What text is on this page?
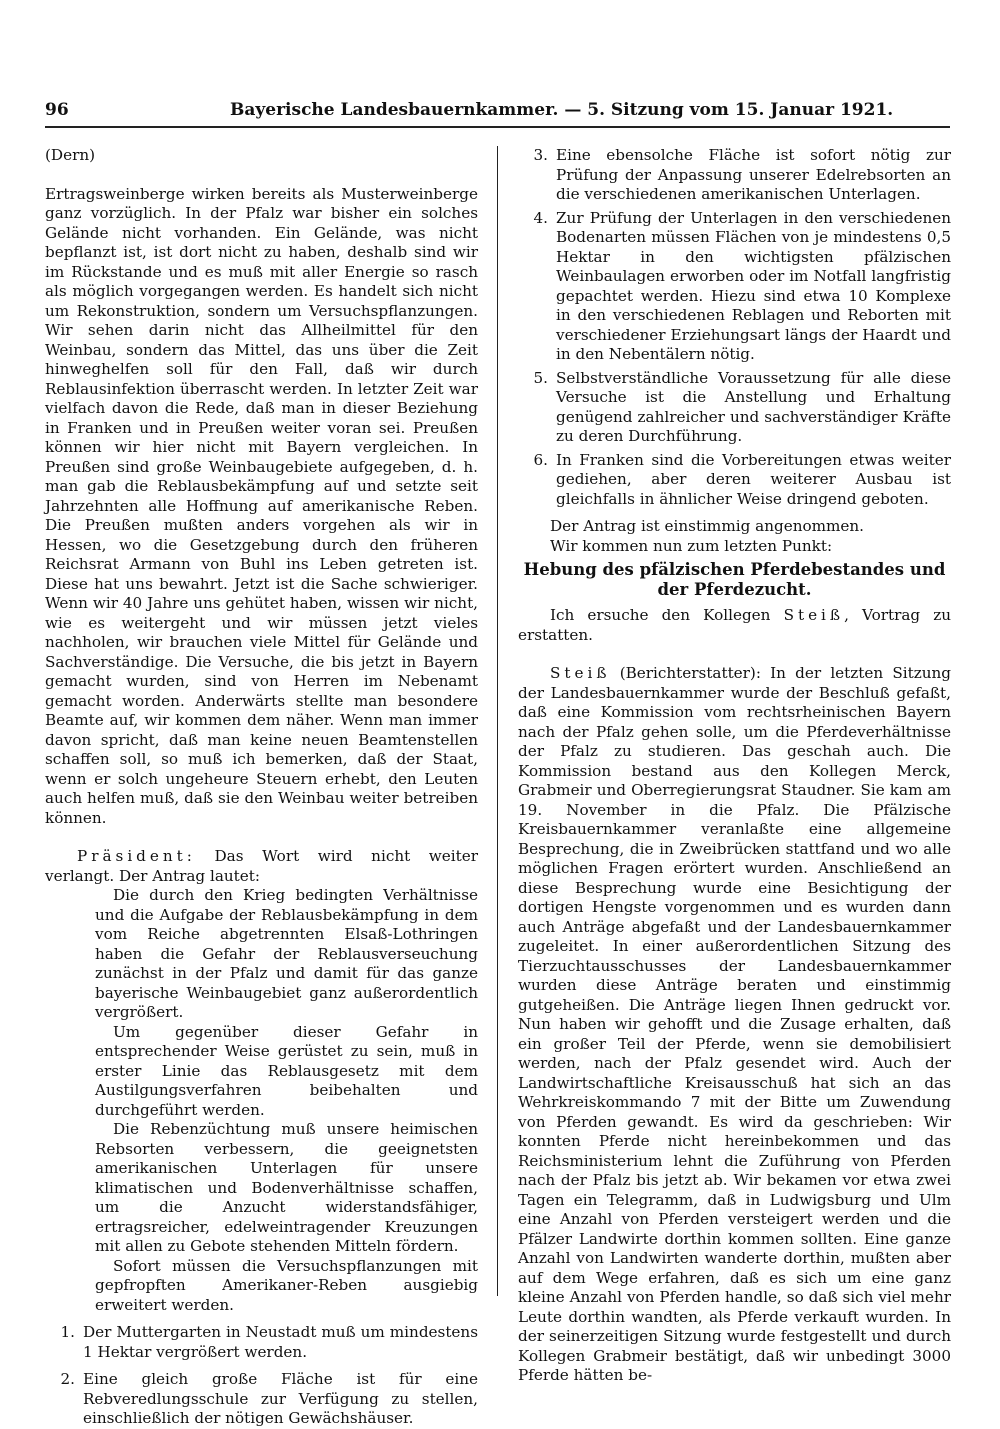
96	Bayerische Landesbauernkammer. — 5. Sitzung vom 15. Januar 1921.

(Dern)

Ertragsweinberge wirken bereits als Musterweinberge ganz vorzüglich. In der Pfalz war bisher ein solches Gelände nicht vorhanden. Ein Gelände, was nicht bepflanzt ist, ist dort nicht zu haben, deshalb sind wir im Rückstande und es muß mit aller Energie so rasch als möglich vorgegangen werden. Es handelt sich nicht um Rekonstruktion, sondern um Versuchspflanzungen. Wir sehen darin nicht das Allheilmittel für den Weinbau, sondern das Mittel, das uns über die Zeit hinweghelfen soll für den Fall, daß wir durch Reblausinfektion überrascht werden. In letzter Zeit war vielfach davon die Rede, daß man in dieser Beziehung in Franken und in Preußen weiter voran sei. Preußen können wir hier nicht mit Bayern vergleichen. In Preußen sind große Weinbaugebiete aufgegeben, d. h. man gab die Reblausbekämpfung auf und setzte seit Jahrzehnten alle Hoffnung auf amerikanische Reben. Die Preußen mußten anders vorgehen als wir in Hessen, wo die Gesetzgebung durch den früheren Reichsrat Armann von Buhl ins Leben getreten ist. Diese hat uns bewahrt. Jetzt ist die Sache schwieriger. Wenn wir 40 Jahre uns gehütet haben, wissen wir nicht, wie es weitergeht und wir müssen jetzt vieles nachholen, wir brauchen viele Mittel für Gelände und Sachverständige. Die Versuche, die bis jetzt in Bayern gemacht wurden, sind von Herren im Nebenamt gemacht worden. Anderwärts stellte man besondere Beamte auf, wir kommen dem näher. Wenn man immer davon spricht, daß man keine neuen Beamtenstellen schaffen soll, so muß ich bemerken, daß der Staat, wenn er solch ungeheure Steuern erhebt, den Leuten auch helfen muß, daß sie den Weinbau weiter betreiben können.

Präsident: Das Wort wird nicht weiter verlangt. Der Antrag lautet:

Die durch den Krieg bedingten Verhältnisse und die Aufgabe der Reblausbekämpfung in dem vom Reiche abgetrennten Elsaß-Lothringen haben die Gefahr der Reblausverseuchung zunächst in der Pfalz und damit für das ganze bayerische Weinbaugebiet ganz außerordentlich vergrößert.

Um gegenüber dieser Gefahr in entsprechender Weise gerüstet zu sein, muß in erster Linie das Reblausgesetz mit dem Austilgungsverfahren beibehalten und durchgeführt werden.

Die Rebenzüchtung muß unsere heimischen Rebsorten verbessern, die geeignetsten amerikanischen Unterlagen für unsere klimatischen und Bodenverhältnisse schaffen, um die Anzucht widerstandsfähiger, ertragsreicher, edelweintragender Kreuzungen mit allen zu Gebote stehenden Mitteln fördern.

Sofort müssen die Versuchspflanzungen mit gepfropften Amerikaner-Reben ausgiebig erweitert werden.

1. Der Muttergarten in Neustadt muß um mindestens 1 Hektar vergrößert werden.
2. Eine gleich große Fläche ist für eine Rebveredlungsschule zur Verfügung zu stellen, einschließlich der nötigen Gewächshäuser.
3. Eine ebensolche Fläche ist sofort nötig zur Prüfung der Anpassung unserer Edelrebsorten an die verschiedenen amerikanischen Unterlagen.
4. Zur Prüfung der Unterlagen in den verschiedenen Bodenarten müssen Flächen von je mindestens 0,5 Hektar in den wichtigsten pfälzischen Weinbaulagen erworben oder im Notfall langfristig gepachtet werden. Hiezu sind etwa 10 Komplexe in den verschiedenen Reblagen und Reborten mit verschiedener Erziehungsart längs der Haardt und in den Nebentälern nötig.
5. Selbstverständliche Voraussetzung für alle diese Versuche ist die Anstellung und Erhaltung genügend zahlreicher und sachverständiger Kräfte zu deren Durchführung.
6. In Franken sind die Vorbereitungen etwas weiter gediehen, aber deren weiterer Ausbau ist gleichfalls in ähnlicher Weise dringend geboten.

Der Antrag ist einstimmig angenommen.

Wir kommen nun zum letzten Punkt:

Hebung des pfälzischen Pferdebestandes und der Pferdezucht.

Ich ersuche den Kollegen Steiß, Vortrag zu erstatten.

Steiß (Berichterstatter): In der letzten Sitzung der Landesbauernkammer wurde der Beschluß gefaßt, daß eine Kommission vom rechtsrheinischen Bayern nach der Pfalz gehen solle, um die Pferdeverhältnisse der Pfalz zu studieren. Das geschah auch. Die Kommission bestand aus den Kollegen Merck, Grabmeir und Oberregierungsrat Staudner. Sie kam am 19. November in die Pfalz. Die Pfälzische Kreisbauernkammer veranlaßte eine allgemeine Besprechung, die in Zweibrücken stattfand und wo alle möglichen Fragen erörtert wurden. Anschließend an diese Besprechung wurde eine Besichtigung der dortigen Hengste vorgenommen und es wurden dann auch Anträge abgefaßt und der Landesbauernkammer zugeleitet. In einer außerordentlichen Sitzung des Tierzuchtausschusses der Landesbauernkammer wurden diese Anträge beraten und einstimmig gutgeheißen. Die Anträge liegen Ihnen gedruckt vor. Nun haben wir gehofft und die Zusage erhalten, daß ein großer Teil der Pferde, wenn sie demobilisiert werden, nach der Pfalz gesendet wird. Auch der Landwirtschaftliche Kreisausschuß hat sich an das Wehrkreiskommando 7 mit der Bitte um Zuwendung von Pferden gewandt. Es wird da geschrieben: Wir konnten Pferde nicht hereinbekommen und das Reichsministerium lehnt die Zuführung von Pferden nach der Pfalz bis jetzt ab. Wir bekamen vor etwa zwei Tagen ein Telegramm, daß in Ludwigsburg und Ulm eine Anzahl von Pferden versteigert werden und die Pfälzer Landwirte dorthin kommen sollten. Eine ganze Anzahl von Landwirten wanderte dorthin, mußten aber auf dem Wege erfahren, daß es sich um eine ganz kleine Anzahl von Pferden handle, so daß sich viel mehr Leute dorthin wandten, als Pferde verkauft wurden. In der seinerzeitigen Sitzung wurde festgestellt und durch Kollegen Grabmeir bestätigt, daß wir unbedingt 3000 Pferde hätten be-
